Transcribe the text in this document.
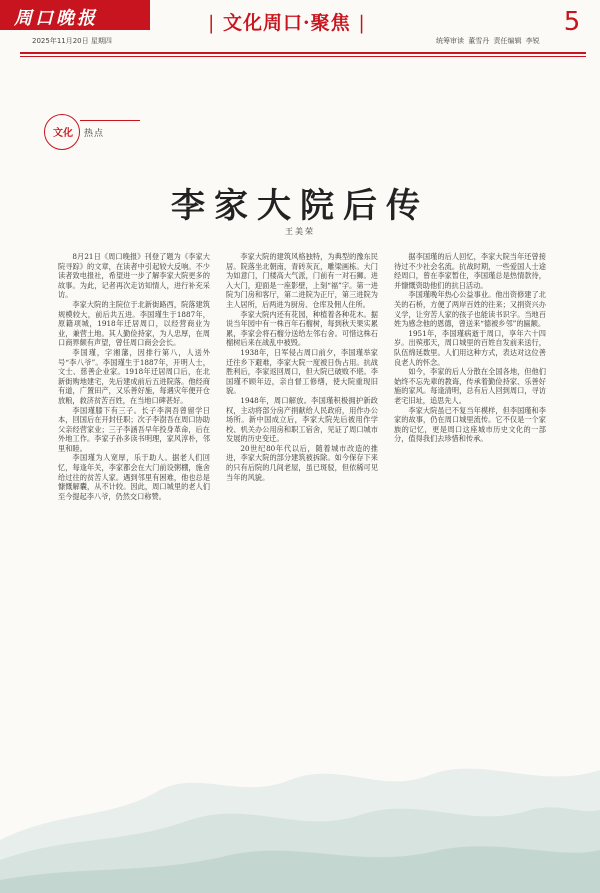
周口晚报
2025年11月20日 星期四
| 文化周口·聚焦 |
统筹审读 董雪丹 责任编辑 李锐
5
文化	热点
李家大院后传
王美荣

8月21日《周口晚报》刊登了题为《李家大院寻踪》的文章，在读者中引起较大反响。不少读者致电报社，希望进一步了解李家大院更多的故事。为此，记者再次走访知情人，进行补充采访。

李家大院的主院位于北新街路西，院落建筑规模较大，前后共五进。李国瑾生于1887年，原籍项城，1918年迁居周口，以经营商业为业，兼营土地。其人勤俭持家，为人忠厚，在周口商界颇有声望，曾任周口商会会长。

李国瑾，字湘藩，因排行第八，人送外号“李八爷”。李国瑾生于1887年，开明人士，文士、慈善企业家。1918年迁居周口后，在北新街购地建宅，先后建成前后五进院落。他经商有道，广置田产，又乐善好施，每遇灾年便开仓放粮，救济贫苦百姓，在当地口碑甚好。

李国瑾膝下有三子。长子李润吾曾留学日本，回国后在开封任职；次子李澍吾在周口协助父亲经营家业；三子李涵吾早年投身革命，后在外地工作。李家子孙多读书明理，家风淳朴，邻里和睦。

李国瑾为人宽厚，乐于助人。据老人们回忆，每逢年关，李家都会在大门前设粥棚，施舍给过往的贫苦人家。遇到邻里有困难，他也总是慷慨解囊，从不计较。因此，周口城里的老人们至今提起李八爷，仍然交口称赞。

李家大院的建筑风格独特，为典型的豫东民居。院落坐北朝南，青砖灰瓦，雕梁画栋。大门为如意门，门楼高大气派，门前有一对石狮。进入大门，迎面是一座影壁，上刻“福”字。第一进院为门房和客厅，第二进院为正厅，第三进院为主人居所，后两进为厨房、仓库及佣人住所。

李家大院内还有花园，种植着各种花木。据说当年园中有一株百年石榴树，每到秋天果实累累，李家会将石榴分送给左邻右舍。可惜这株石榴树后来在战乱中被毁。

1938年，日军侵占周口前夕，李国瑾举家迁往乡下避难，李家大院一度被日伪占用。抗战胜利后，李家返回周口，但大院已破败不堪。李国瑾不顾年迈，亲自督工修缮，使大院重现旧貌。

1948年，周口解放。李国瑾积极拥护新政权，主动将部分房产捐献给人民政府，用作办公场所。新中国成立后，李家大院先后被用作学校、机关办公用房和职工宿舍，见证了周口城市发展的历史变迁。

20世纪80年代以后，随着城市改造的推进，李家大院的部分建筑被拆除。如今保存下来的只有后院的几间老屋，虽已斑驳，但依稀可见当年的风貌。

据李国瑾的后人回忆，李家大院当年还曾接待过不少社会名流。抗战时期，一些爱国人士途经周口，曾在李家暂住，李国瑾总是热情款待，并慷慨资助他们的抗日活动。

李国瑾晚年热心公益事业。他出资修建了北关的石桥，方便了两岸百姓的往来；又捐资兴办义学，让穷苦人家的孩子也能读书识字。当地百姓为感念他的恩德，曾送来“德被乡邻”的匾额。

1951年，李国瑾病逝于周口，享年六十四岁。出殡那天，周口城里的百姓自发前来送行，队伍绵延数里。人们用这种方式，表达对这位善良老人的怀念。

如今，李家的后人分散在全国各地，但他们始终不忘先辈的教诲，传承着勤俭持家、乐善好施的家风。每逢清明，总有后人回到周口，寻访老宅旧址，追思先人。

李家大院虽已不复当年模样，但李国瑾和李家的故事，仍在周口城里流传。它不仅是一个家族的记忆，更是周口这座城市历史文化的一部分，值得我们去珍惜和传承。
